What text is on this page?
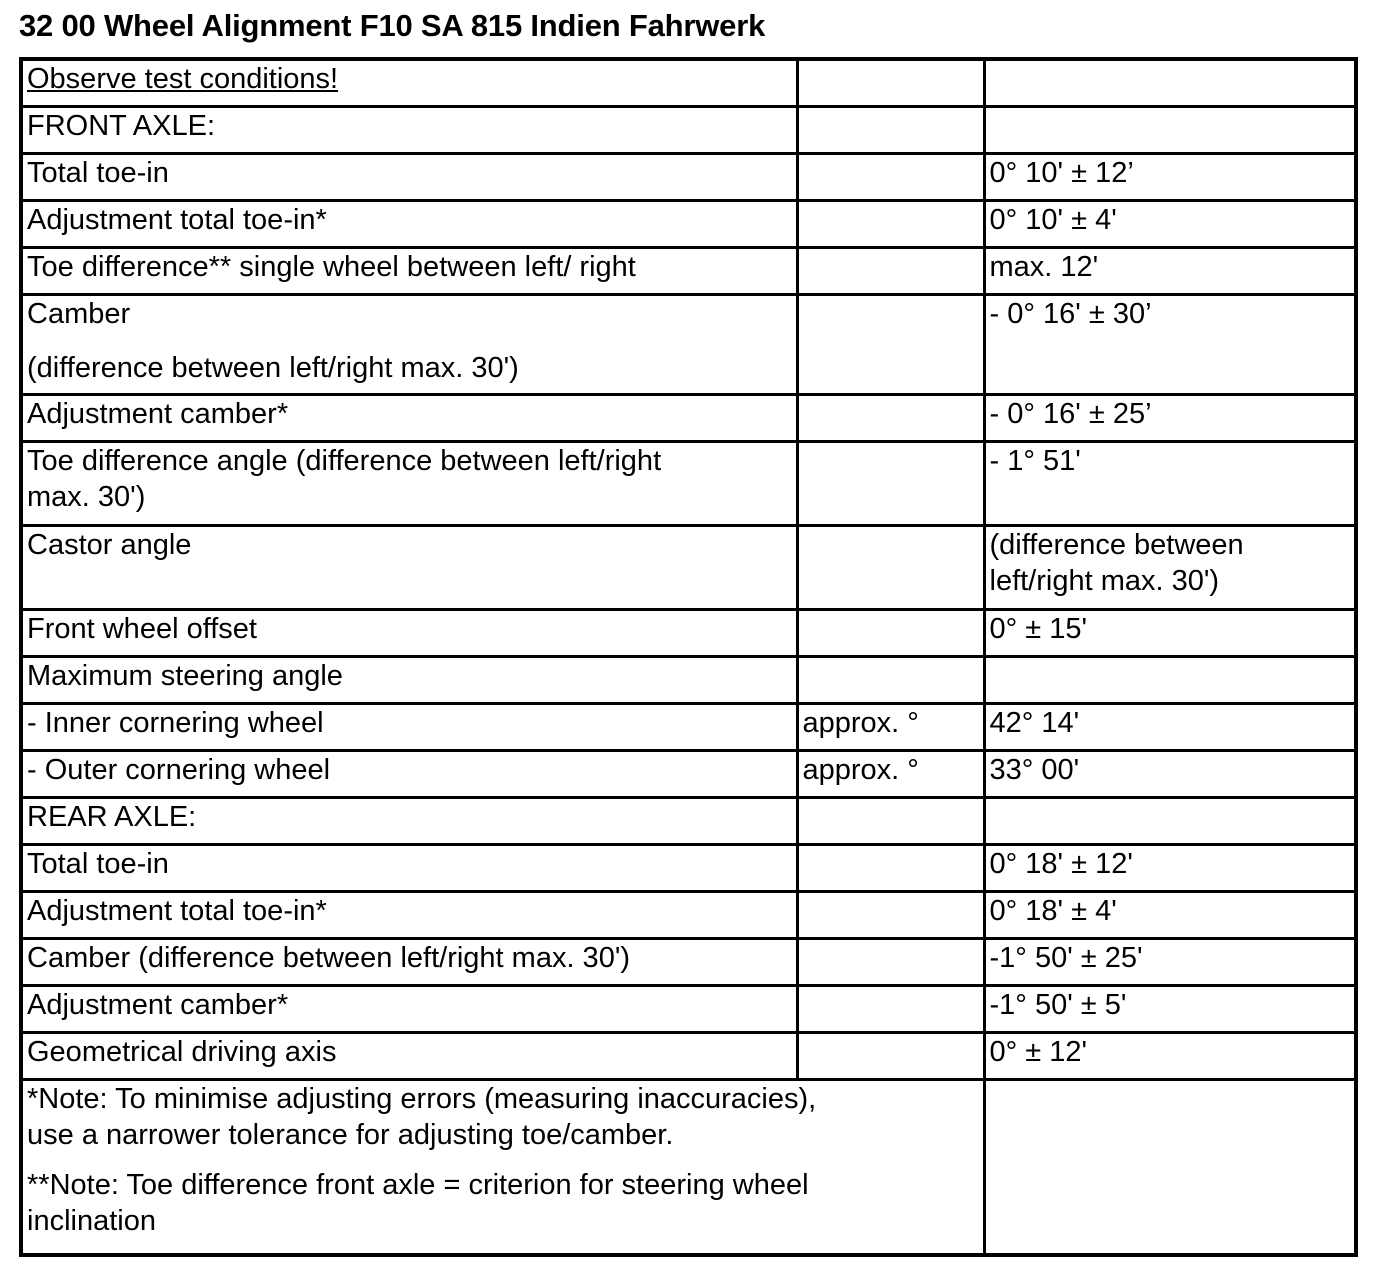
32 00 Wheel Alignment F10 SA 815 Indien Fahrwerk
Observe test conditions!		
FRONT AXLE:		
Total toe-in		0° 10' ± 12’
Adjustment total toe-in*		0° 10' ± 4'
Toe difference** single wheel between left/ right		max. 12'

Camber
(difference between left/right max. 30')		- 0° 16' ± 30’
Adjustment camber*		- 0° 16' ± 25’

Toe difference angle (difference between left/right
max. 30')		- 1° 51'
Castor angle		(difference between
left/right max. 30')

Front wheel offset		0° ± 15'
Maximum steering angle		
- Inner cornering wheel	approx. °	42° 14'
- Outer cornering wheel	approx. °	33° 00'
REAR AXLE:		
Total toe-in		0° 18' ± 12'
Adjustment total toe-in*		0° 18' ± 4'
Camber (difference between left/right max. 30')		-1° 50' ± 25'
Adjustment camber*		-1° 50' ± 5'
Geometrical driving axis		0° ± 12'

*Note: To minimise adjusting errors (measuring inaccuracies),
use a narrower tolerance for adjusting toe/camber.
**Note: Toe difference front axle = criterion for steering wheel
inclination		
